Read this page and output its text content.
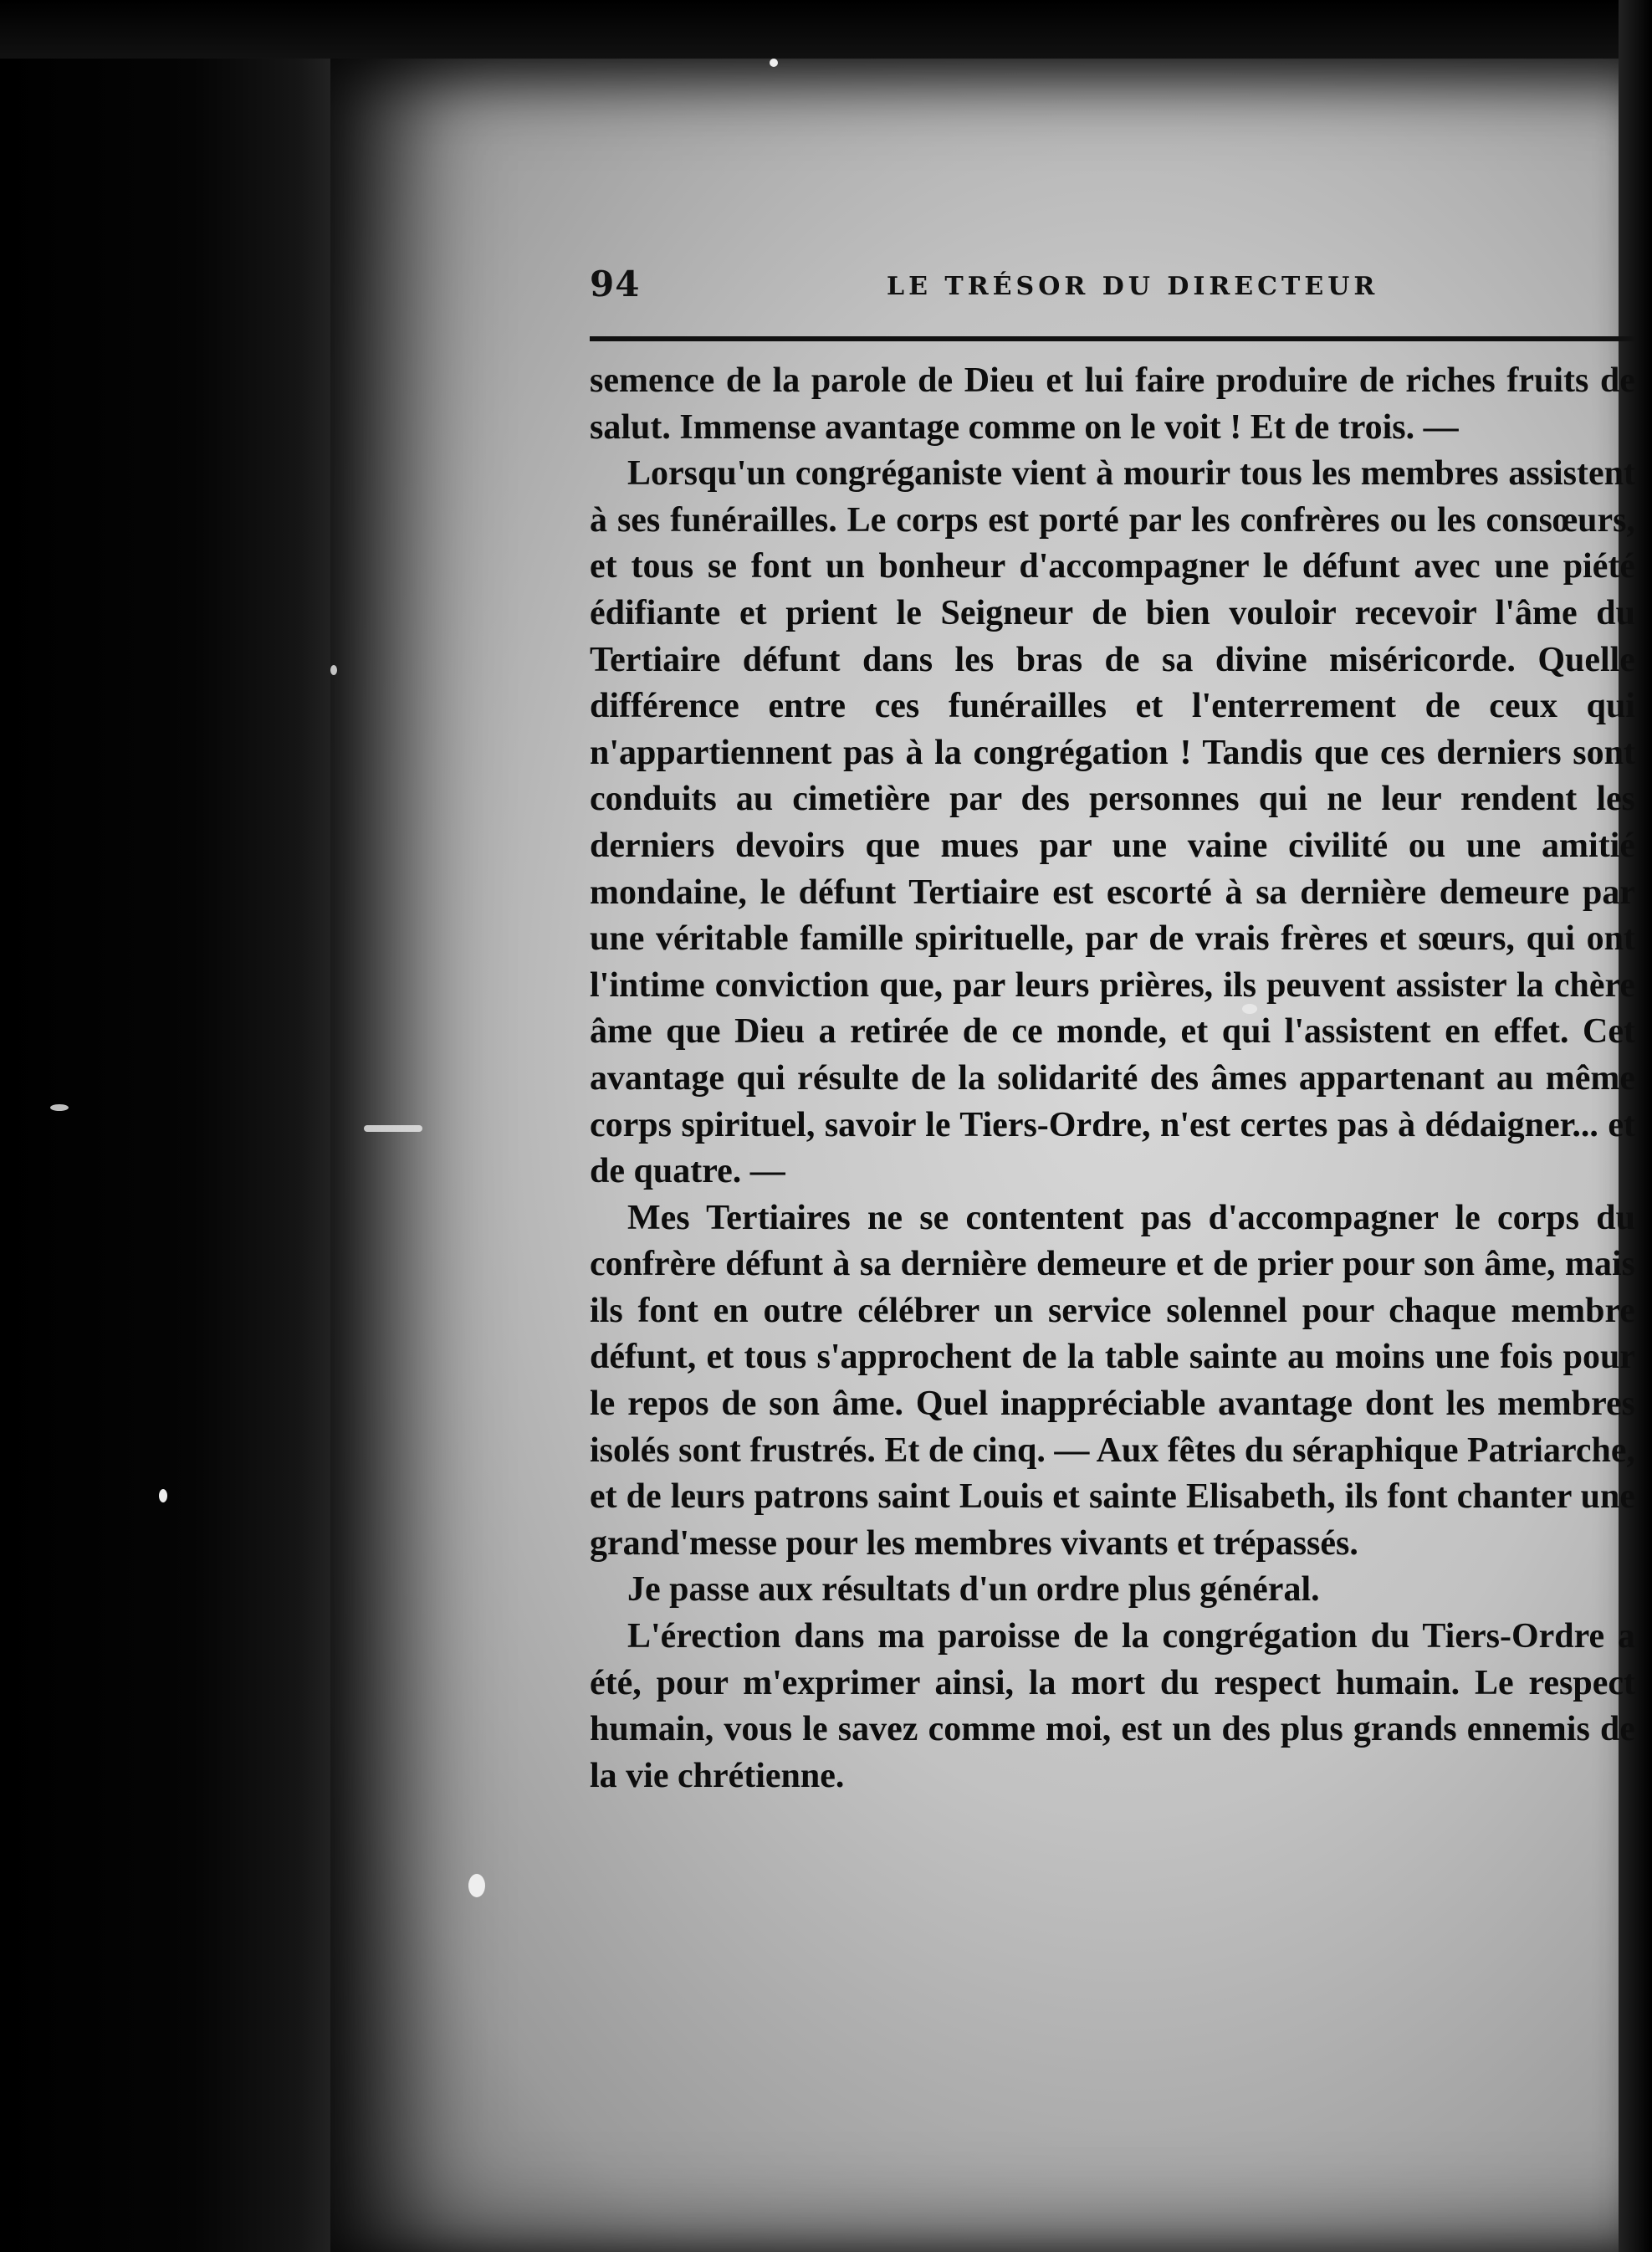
94	LE TRÉSOR DU DIRECTEUR

semence de la parole de Dieu et lui faire produire de riches fruits de salut. Immense avantage comme on le voit ! Et de trois. —

Lorsqu'un congréganiste vient à mourir tous les membres assistent à ses funérailles. Le corps est porté par les confrères ou les consœurs, et tous se font un bonheur d'accompagner le défunt avec une piété édifiante et prient le Seigneur de bien vouloir recevoir l'âme du Tertiaire défunt dans les bras de sa divine miséricorde. Quelle différence entre ces funérailles et l'enterrement de ceux qui n'appartiennent pas à la congrégation ! Tandis que ces derniers sont conduits au cimetière par des personnes qui ne leur rendent les derniers devoirs que mues par une vaine civilité ou une amitié mondaine, le défunt Tertiaire est escorté à sa dernière demeure par une véritable famille spirituelle, par de vrais frères et sœurs, qui ont l'intime conviction que, par leurs prières, ils peuvent assister la chère âme que Dieu a retirée de ce monde, et qui l'assistent en effet. Cet avantage qui résulte de la solidarité des âmes appartenant au même corps spirituel, savoir le Tiers-Ordre, n'est certes pas à dédaigner... et de quatre. —

Mes Tertiaires ne se contentent pas d'accompagner le corps du confrère défunt à sa dernière demeure et de prier pour son âme, mais ils font en outre célébrer un service solennel pour chaque membre défunt, et tous s'approchent de la table sainte au moins une fois pour le repos de son âme. Quel inappréciable avantage dont les membres isolés sont frustrés. Et de cinq. — Aux fêtes du séraphique Patriarche, et de leurs patrons saint Louis et sainte Elisabeth, ils font chanter une grand'messe pour les membres vivants et trépassés.

Je passe aux résultats d'un ordre plus général.

L'érection dans ma paroisse de la congrégation du Tiers-Ordre a été, pour m'exprimer ainsi, la mort du respect humain. Le respect humain, vous le savez comme moi, est un des plus grands ennemis de la vie chrétienne.
